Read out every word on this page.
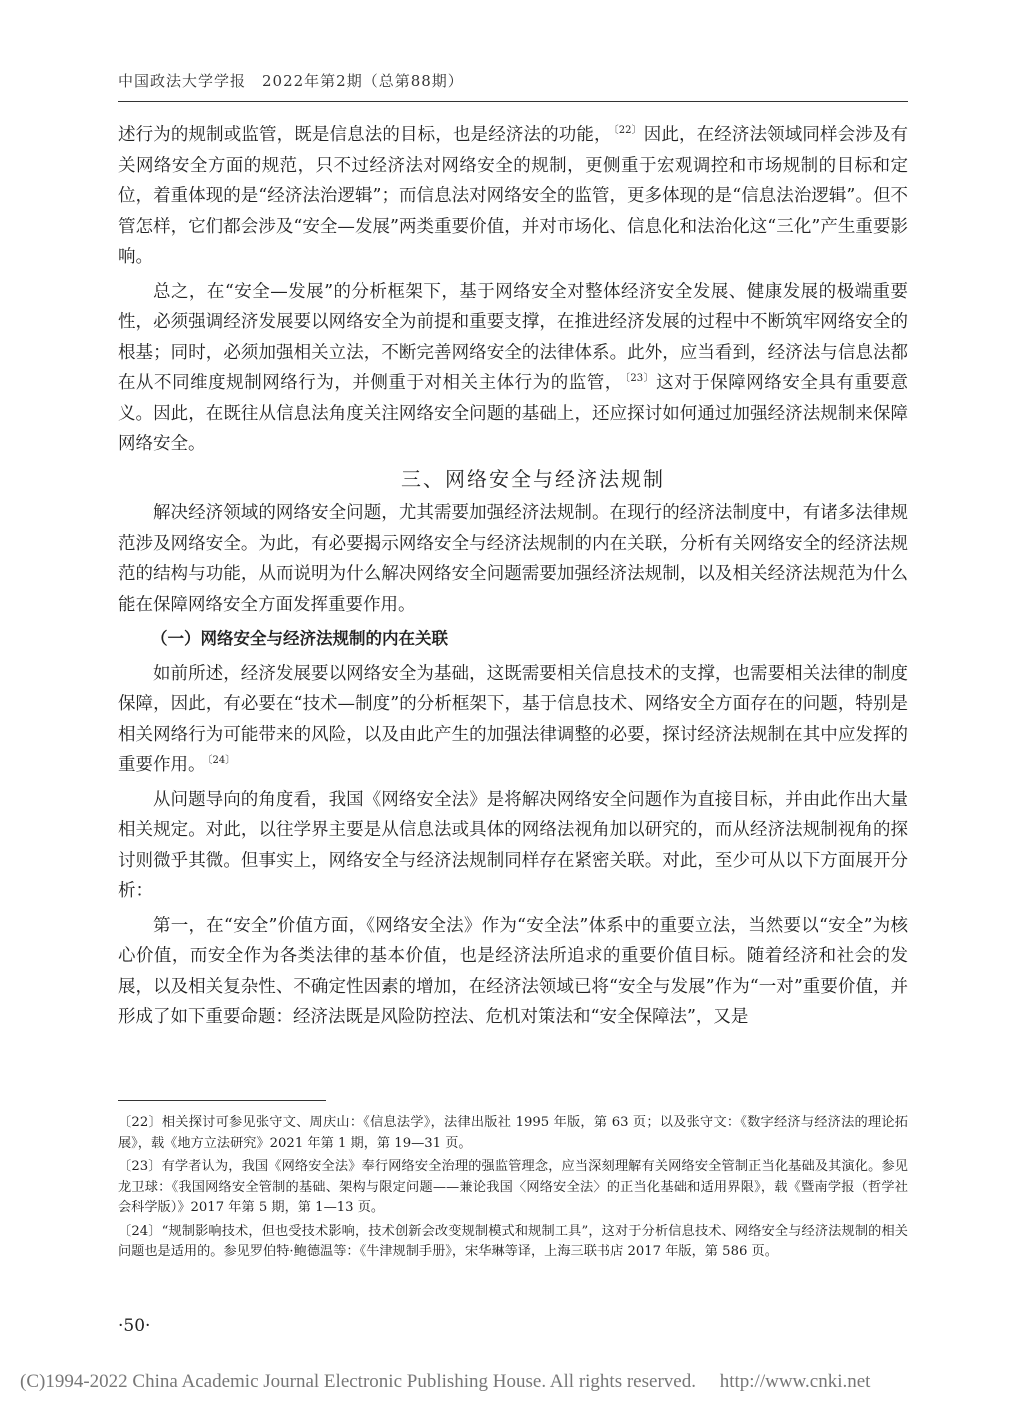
中国政法大学学报　2022年第2期（总第88期）

述行为的规制或监管，既是信息法的目标，也是经济法的功能， $^{〔22〕}$ 因此，在经济法领域同样会涉及有关网络安全方面的规范，只不过经济法对网络安全的规制，更侧重于宏观调控和市场规制的目标和定位，着重体现的是“经济法治逻辑”；而信息法对网络安全的监管，更多体现的是“信息法治逻辑”。但不管怎样，它们都会涉及“安全—发展”两类重要价值，并对市场化、信息化和法治化这“三化”产生重要影响。

总之，在“安全—发展”的分析框架下，基于网络安全对整体经济安全发展、健康发展的极端重要性，必须强调经济发展要以网络安全为前提和重要支撑，在推进经济发展的过程中不断筑牢网络安全的根基；同时，必须加强相关立法，不断完善网络安全的法律体系。此外，应当看到，经济法与信息法都在从不同维度规制网络行为，并侧重于对相关主体行为的监管， $^{〔23〕}$ 这对于保障网络安全具有重要意义。因此，在既往从信息法角度关注网络安全问题的基础上，还应探讨如何通过加强经济法规制来保障网络安全。

三、网络安全与经济法规制

解决经济领域的网络安全问题，尤其需要加强经济法规制。在现行的经济法制度中，有诸多法律规范涉及网络安全。为此，有必要揭示网络安全与经济法规制的内在关联，分析有关网络安全的经济法规范的结构与功能，从而说明为什么解决网络安全问题需要加强经济法规制，以及相关经济法规范为什么能在保障网络安全方面发挥重要作用。

（一）网络安全与经济法规制的内在关联

如前所述，经济发展要以网络安全为基础，这既需要相关信息技术的支撑，也需要相关法律的制度保障，因此，有必要在“技术—制度”的分析框架下，基于信息技术、网络安全方面存在的问题，特别是相关网络行为可能带来的风险，以及由此产生的加强法律调整的必要，探讨经济法规制在其中应发挥的重要作用。 $^{〔24〕}$

从问题导向的角度看，我国《网络安全法》是将解决网络安全问题作为直接目标，并由此作出大量相关规定。对此，以往学界主要是从信息法或具体的网络法视角加以研究的，而从经济法规制视角的探讨则微乎其微。但事实上，网络安全与经济法规制同样存在紧密关联。对此，至少可从以下方面展开分析：

第一，在“安全”价值方面，《网络安全法》作为“安全法”体系中的重要立法，当然要以“安全”为核心价值，而安全作为各类法律的基本价值，也是经济法所追求的重要价值目标。随着经济和社会的发展，以及相关复杂性、不确定性因素的增加，在经济法领域已将“安全与发展”作为“一对”重要价值，并形成了如下重要命题：经济法既是风险防控法、危机对策法和“安全保障法”，又是

〔22〕相关探讨可参见张守文、周庆山：《信息法学》，法律出版社 1995 年版，第 63 页；以及张守文：《数字经济与经济法的理论拓展》，载《地方立法研究》2021 年第 1 期，第 19—31 页。

〔23〕有学者认为，我国《网络安全法》奉行网络安全治理的强监管理念，应当深刻理解有关网络安全管制正当化基础及其演化。参见龙卫球：《我国网络安全管制的基础、架构与限定问题——兼论我国〈网络安全法〉的正当化基础和适用界限》，载《暨南学报（哲学社会科学版）》2017 年第 5 期，第 1—13 页。

〔24〕“规制影响技术，但也受技术影响，技术创新会改变规制模式和规制工具”，这对于分析信息技术、网络安全与经济法规制的相关问题也是适用的。参见罗伯特·鲍德温等：《牛津规制手册》，宋华琳等译，上海三联书店 2017 年版，第 586 页。

·50·
(C)1994-2022 China Academic Journal Electronic Publishing House. All rights reserved.　 http://www.cnki.net
